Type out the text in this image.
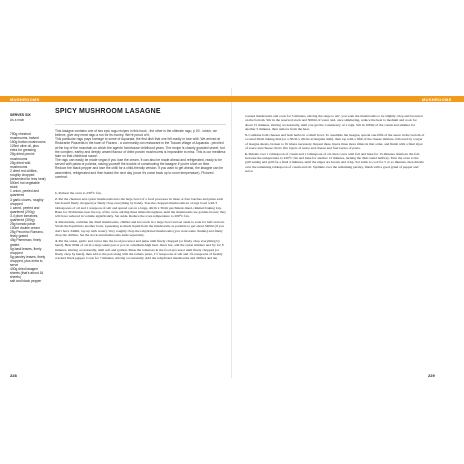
MUSHROOMS	MUSHROOMS
SERVES SIX
As a main

750g chestnut mushrooms, halved

150g button mushrooms

125ml olive oil, plus extra for greasing

25g dried porcini mushrooms

25g dried wild mushrooms

2 dried red chillies, roughly chopped (deseeded for less heat)

500ml hot vegetable stock

1 onion, peeled and quartered

3 garlic cloves, roughly chopped

1 carrot, peeled and quartered (200g)

3-4 plum tomatoes, quartered (300g)

25g tomato paste

100ml double cream

25g Pecorino Romano, finely grated

45g Parmesan, finely grated

5g basil leaves, finely chopped

5g parsley leaves, finely chopped, plus extra to serve

400g dried lasagne sheets (that's about 16 sheets)

salt and black pepper

SPICY MUSHROOM LASAGNE

This lasagne contains one of two epic ragu recipes in this book - the other is the ultimate ragu, p 00 - which, we believe, give any meat ragu a run for its money. We're proud of it.

This particular ragu pays homage to some of Aquaraia, the first dish that one fell madly in love with. We arrived at Ristorante Piazzetta in the town of Fiorano - a community-run restaurant in the Tuscan village of Aquaraia - perched at the top of the mountain on which the agents' farmhouse childhood years. The recipe is closely guarded secret, but the complex, earthy and deeply umami flavour of dried porcini mushrooms is impossible to miss. This is our meatless take on that childhood sauce.

The ragu can easily be made vegan if you lose the cream. It can also be made ahead and refrigerated, ready to be served with pasta or polenta, saving yourself the trouble of constructing the lasagne if you're short on time.

Reduce the black pepper and lose the chilli for a child-friendly version. If you want to get ahead, the lasagne can be assembled, refrigerated and then baked the next day (once it's come back up to room temperature). Pictured overleaf.

1. Preheat the oven to 230°C fan.

2. Put the chestnut and oyster mushrooms into the large bowl of a food processor in three or four batches and pulse each batch until finely chopped (or finely chop everything by hand). Toss the chopped mushrooms in a large bowl with 3 tablespoons of oil and 1 teaspoon of salt and spread out on a large, 40cm x 30cm parchment-lined, rimmed baking tray. Bake for 30 minutes near the top of the oven, stirring three times throughout, until the mushrooms are golden-brown; they will have reduced in volume significantly. Set aside. Reduce the oven temperature to 200°C fan.

3. Meanwhile, combine the dried mushrooms, chillies and hot stock in a large bowl and set aside to soak for half an hour. Strain the liquid into another bowl, squeezing as much liquid from the mushrooms as possible to get about 340ml (if you don't have 340ml, top up with water). Very roughly chop the rehydrated mushrooms (you want some chunks) and finely chop the chillies. Set the stock and mushrooms aside separately.

4. Put the onion, garlic and carrot into the food processor and pulse until finely chopped (or finely chop everything by hand). Heat 60ml of oil in a large sauté pan or pot on a medium-high heat. Once hot, add the onion mixture and fry for 8 minutes, stirring occasionally, until soft and golden. Pulse the tomatoes in the food processor until finely chopped (or finely chop by hand), then add to the pan along with the tomato paste, 1½ teaspoons of salt and 1¾ teaspoons of freshly cracked black pepper. Cook for 7 minutes, stirring occasionally. Add the rehydrated mushrooms and chillies and the

roasted mushrooms and cook for 5 minutes, stirring the stage to stir: you want the mushrooms to be slightly crisp and browned on the bottom. Stir in the reserved stock and 500ml of water and, once simmering, reduce the heat to medium and cook for about 15 minutes, stirring occasionally, until you get the consistency of a ragù. Stir in 100ml of the cream and simmer for another 5 minutes, then remove from the heat.

5. Combine both cheeses and both herbs in a small bowl. To assemble the lasagne, spread one-fifth of the sauce in the bottom of a round 28cm baking dish (or a 30cm x 20cm rectangular dish), then top with a fifth of the cheese mixture, followed by a layer of lasagne sheets, broken to fit where necessary. Repeat these layers three more times in that order, and finish with a final layer of sauce and cheese; that's five layers of sauce and cheese and four layers of pasta.

6. Drizzle over 1 tablespoon of cream and 1 tablespoon of oil, then cover with foil and bake for 15 minutes. Remove the foil, increase the temperature to 220°C fan and bake for another 12 minutes, turning the dish round halfway. Turn the oven to the grill setting and grill for a final 2 minutes, until the edges are brown and crisp. Set aside to cool for 5 or so minutes, then drizzle over the remaining tablespoon of cream and oil. Sprinkle over the remaining parsley, finish with a good grind of pepper and serve.

228	229
